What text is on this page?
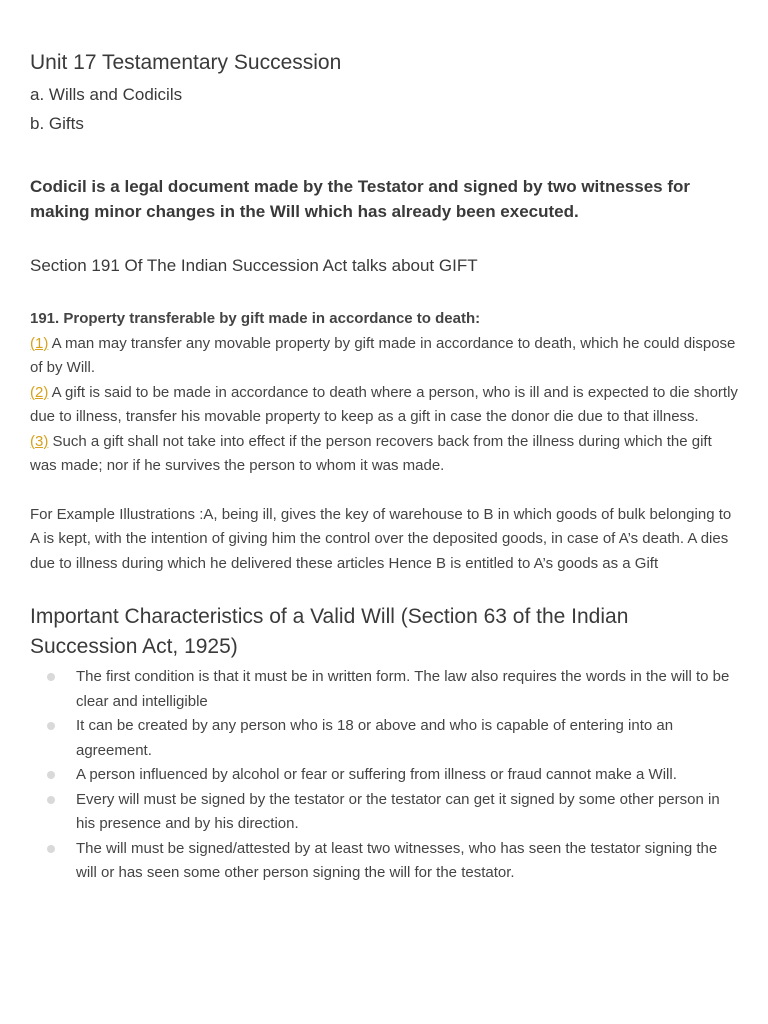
Unit 17 Testamentary Succession

a. Wills and Codicils

b. Gifts

Codicil is a legal document made by the Testator and signed by two witnesses for making minor changes in the Will which has already been executed.

Section 191 Of The Indian Succession Act talks about GIFT

191. Property transferable by gift made in accordance to death:
(1) A man may transfer any movable property by gift made in accordance to death, which he could dispose of by Will.
(2) A gift is said to be made in accordance to death where a person, who is ill and is expected to die shortly due to illness, transfer his movable property to keep as a gift in case the donor die due to that illness.
(3) Such a gift shall not take into effect if the person recovers back from the illness during which the gift was made; nor if he survives the person to whom it was made.
For Example Illustrations :A, being ill, gives the key of warehouse to B in which goods of bulk belonging to A is kept, with the intention of giving him the control over the deposited goods, in case of A’s death. A dies due to illness during which he delivered these articles Hence B is entitled to A’s goods as a Gift
Important Characteristics of a Valid Will (Section 63 of the Indian Succession Act, 1925)
The first condition is that it must be in written form. The law also requires the words in the will to be clear and intelligible
It can be created by any person who is 18 or above and who is capable of entering into an agreement.
A person influenced by alcohol or fear or suffering from illness or fraud cannot make a Will.
Every will must be signed by the testator or the testator can get it signed by some other person in his presence and by his direction.
The will must be signed/attested by at least two witnesses, who has seen the testator signing the will or has seen some other person signing the will for the testator.
